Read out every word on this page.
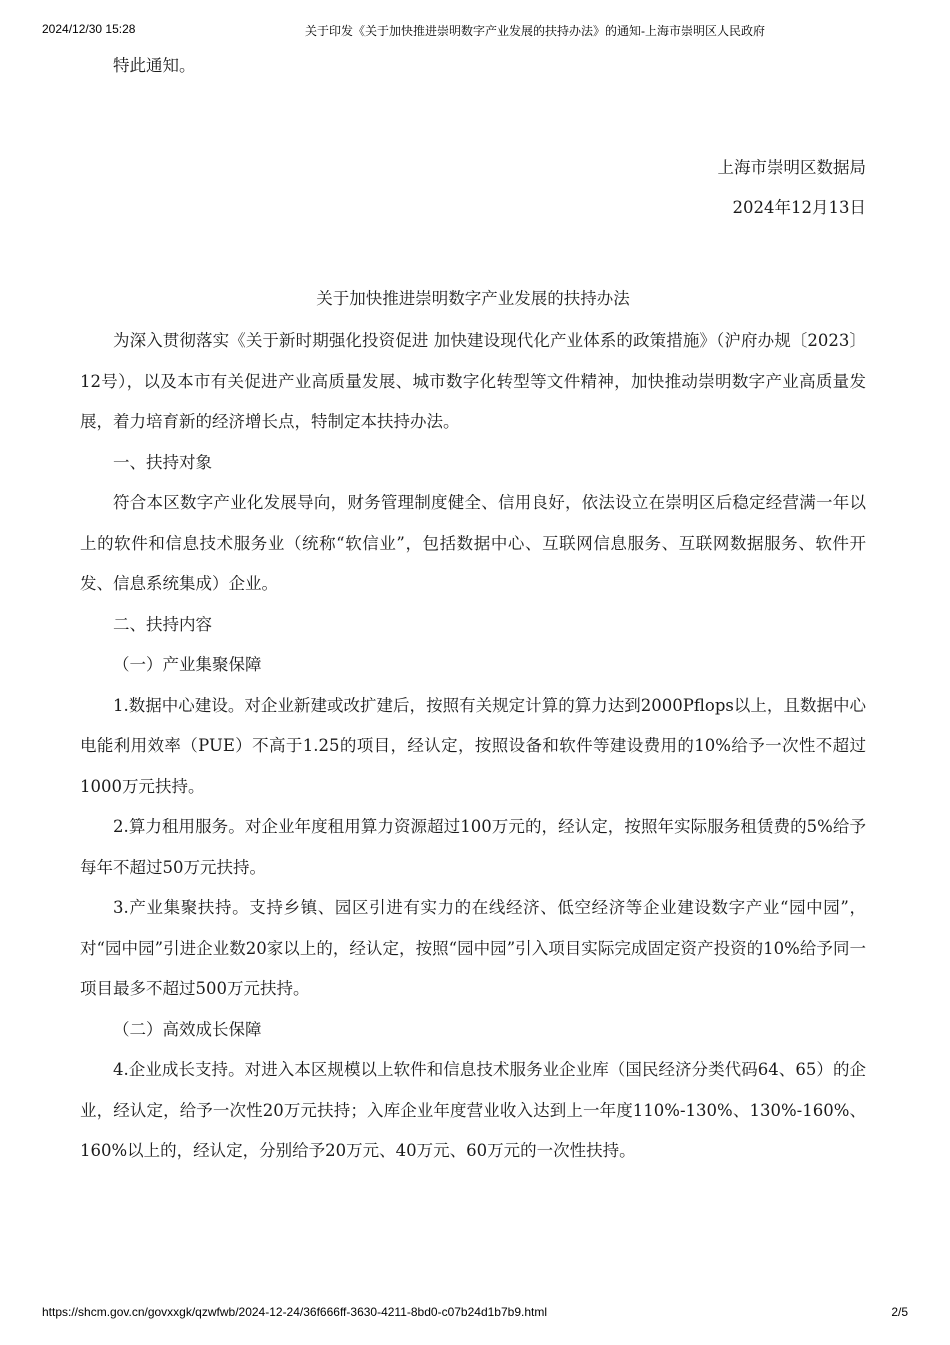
2024/12/30 15:28	关于印发《关于加快推进崇明数字产业发展的扶持办法》的通知-上海市崇明区人民政府

特此通知。

上海市崇明区数据局

2024年12月13日

关于加快推进崇明数字产业发展的扶持办法

为深入贯彻落实《关于新时期强化投资促进 加快建设现代化产业体系的政策措施》（沪府办规〔2023〕12号），以及本市有关促进产业高质量发展、城市数字化转型等文件精神，加快推动崇明数字产业高质量发展，着力培育新的经济增长点，特制定本扶持办法。

一、扶持对象

符合本区数字产业化发展导向，财务管理制度健全、信用良好，依法设立在崇明区后稳定经营满一年以上的软件和信息技术服务业（统称“软信业”，包括数据中心、互联网信息服务、互联网数据服务、软件开发、信息系统集成）企业。

二、扶持内容

（一）产业集聚保障

1.数据中心建设。对企业新建或改扩建后，按照有关规定计算的算力达到2000Pflops以上，且数据中心电能利用效率（PUE）不高于1.25的项目，经认定，按照设备和软件等建设费用的10%给予一次性不超过1000万元扶持。

2.算力租用服务。对企业年度租用算力资源超过100万元的，经认定，按照年实际服务租赁费的5%给予每年不超过50万元扶持。

3.产业集聚扶持。支持乡镇、园区引进有实力的在线经济、低空经济等企业建设数字产业“园中园”，对“园中园”引进企业数20家以上的，经认定，按照“园中园”引入项目实际完成固定资产投资的10%给予同一项目最多不超过500万元扶持。

（二）高效成长保障

4.企业成长支持。对进入本区规模以上软件和信息技术服务业企业库（国民经济分类代码64、65）的企业，经认定，给予一次性20万元扶持；入库企业年度营业收入达到上一年度110%-130%、130%-160%、160%以上的，经认定，分别给予20万元、40万元、60万元的一次性扶持。

https://shcm.gov.cn/govxxgk/qzwfwb/2024-12-24/36f666ff-3630-4211-8bd0-c07b24d1b7b9.html	2/5
